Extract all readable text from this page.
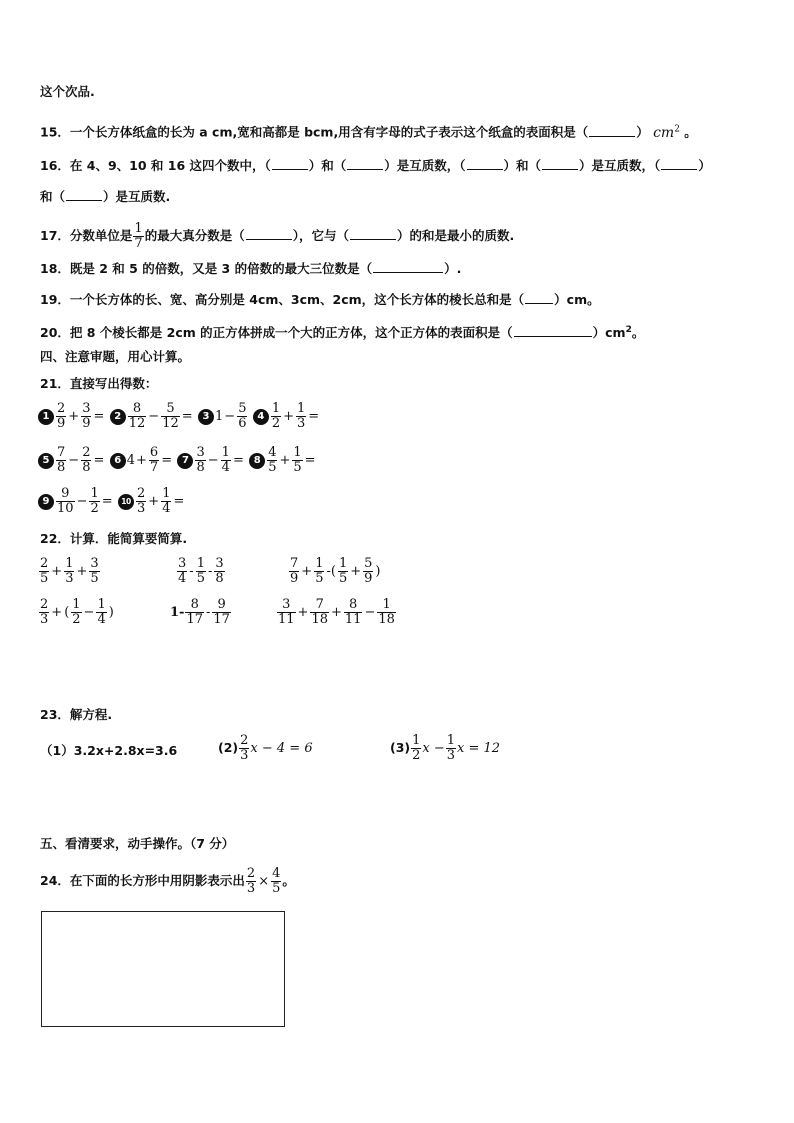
这个次品.
15．一个长方体纸盒的长为 a cm,宽和高都是 bcm,用含有字母的式子表示这个纸盒的表面积是（	） $cm^2$ 。
16．在 4、9、10 和 16 这四个数中，（	）和（	）是互质数，（	）和（	）是互质数，（	）
和（	）是互质数.
17．分数单位是 $\frac{1}{7}$ 的最大真分数是（	），它与（	）的和是最小的质数.
18．既是 2 和 5 的倍数，又是 3 的倍数的最大三位数是（	）.
19．一个长方体的长、宽、高分别是 4cm、3cm、2cm，这个长方体的棱长总和是（ ）cm。
20．把 8 个棱长都是 2cm 的正方体拼成一个大的正方体，这个正方体的表面积是（	）$cm^2$。
四、注意审题，用心计算。
21．直接写出得数：
$1 \frac{2}{9} + \frac{3}{9} = 2 \frac{8}{12} - \frac{5}{12} = 3$ $1- \frac{5}{6} 4 \frac{1}{2} + \frac{1}{3}$ =
$5 \frac{7}{8} - \frac{2}{8} = 6$ $4+ \frac{6}{7} = 7 \frac{3}{8} - \frac{1}{4} = 8 \frac{4}{5} + \frac{1}{5}$ =
$9 \frac{9}{10} - \frac{1}{2} = 10 \frac{2}{3} + \frac{1}{4}$ =
22．计算．能简算要简算.
$\frac{2}{5} + \frac{1}{3} + \frac{3}{5}$	$\frac{3}{4} - \frac{1}{5} - \frac{3}{8}$	$\frac{7}{9} + \frac{1}{5}$ -( $\frac{1}{5} + \frac{5}{9}$ )
$\frac{2}{3}$ + ( $\frac{1}{2} - \frac{1}{4}$ )	$1- \frac{8}{17} - \frac{9}{17}$	$\frac{3}{11} + \frac{7}{18} + \frac{8}{11} - \frac{1}{18}$
23．解方程.
（1）3.2x+2.8x=3.6	$(2) \frac{2}{3}$ x − 4 = 6	$(3) \frac{1}{2}$ $x - \frac{1}{3}$ x = 12
五、看清要求，动手操作。（7 分）
24．在下面的长方形中用阴影表示出 $\frac{2}{3} \times \frac{4}{5}$ 。
